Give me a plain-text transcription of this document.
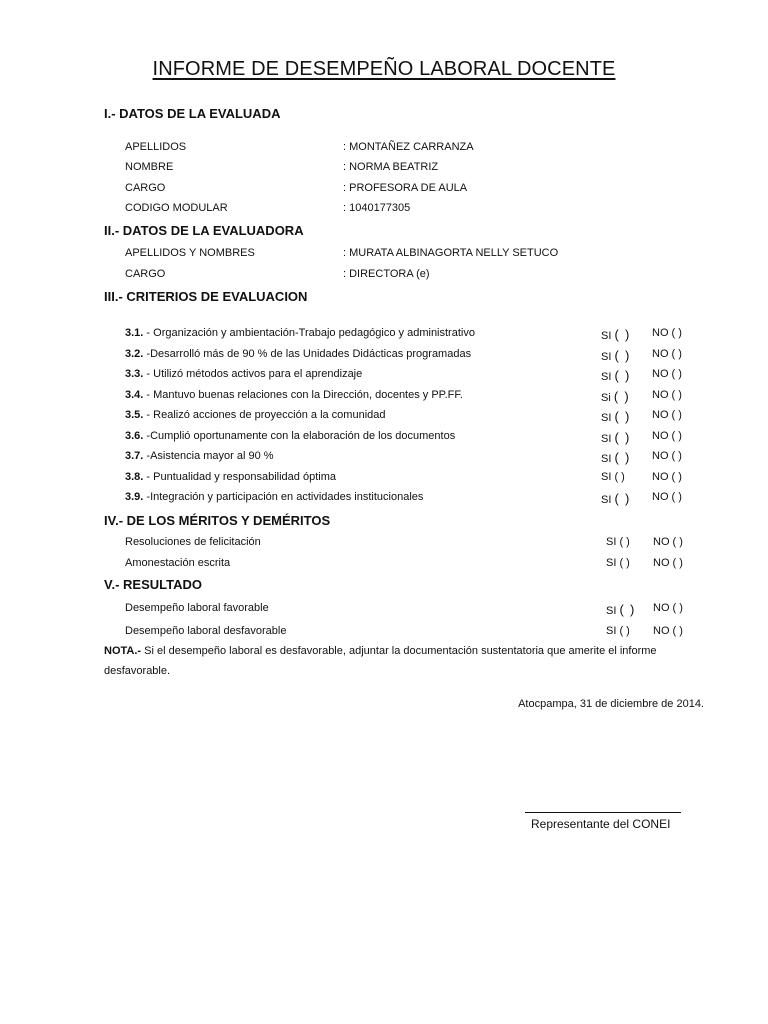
INFORME DE DESEMPEÑO LABORAL DOCENTE
I.- DATOS DE LA EVALUADA
APELLIDOS	: MONTAÑEZ CARRANZA
NOMBRE	: NORMA BEATRIZ
CARGO	: PROFESORA DE AULA
CODIGO MODULAR	: 1040177305
II.- DATOS DE LA EVALUADORA
APELLIDOS Y NOMBRES	: MURATA ALBINAGORTA NELLY SETUCO
CARGO	: DIRECTORA (e)
III.- CRITERIOS DE EVALUACION
3.1. - Organización y ambientación-Trabajo pedagógico y administrativo	SI ( ) NO ( )
3.2. -Desarrolló más de 90 % de las Unidades Didácticas programadas	SI ( ) NO ( )
3.3. - Utilizó métodos activos para el aprendizaje	SI ( ) NO ( )
3.4. - Mantuvo buenas relaciones con la Dirección, docentes y PP.FF.	Si ( ) NO ( )
3.5. - Realizó acciones de proyección a la comunidad	SI ( ) NO ( )
3.6. -Cumplió oportunamente con la elaboración de los documentos	SI ( ) NO ( )
3.7. -Asistencia mayor al 90 %	SI ( ) NO ( )
3.8. - Puntualidad y responsabilidad óptima	SI ( ) NO ( )
3.9. -Integración y participación en actividades institucionales	SI ( ) NO ( )
IV.- DE LOS MÉRITOS Y DEMÉRITOS
Resoluciones de felicitación	SI ( ) NO ( )
Amonestación escrita	SI ( ) NO ( )
V.- RESULTADO
Desempeño laboral favorable	SI ( ) NO ( )
Desempeño laboral desfavorable	SI ( ) NO ( )
NOTA.- Si el desempeño laboral es desfavorable, adjuntar la documentación sustentatoria que amerite el informe desfavorable.
Atocpampa, 31 de diciembre de 2014.
Representante del CONEI
